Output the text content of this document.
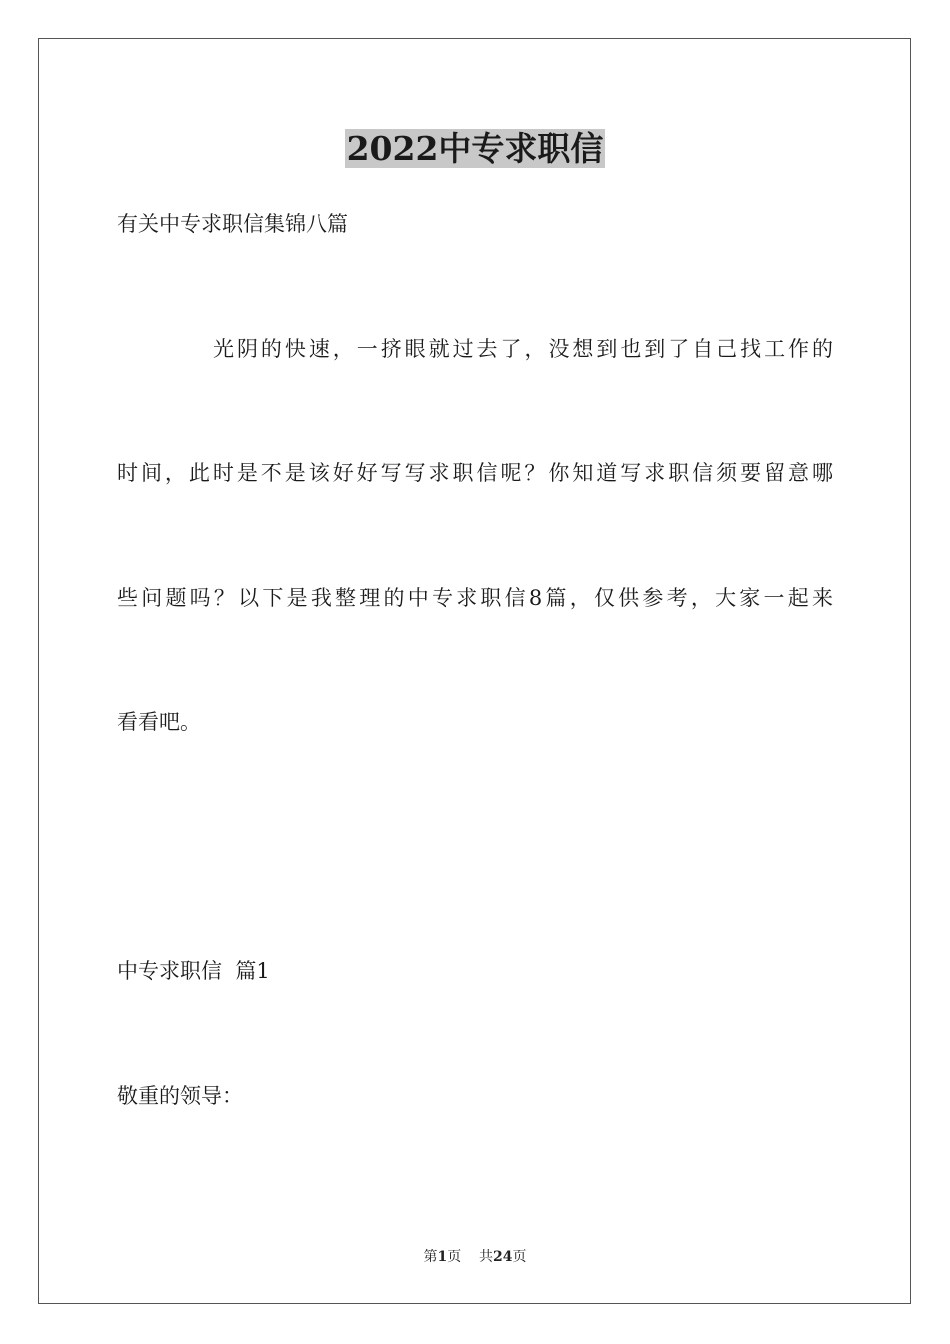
2022中专求职信
有关中专求职信集锦八篇
光阴的快速，一挤眼就过去了，没想到也到了自己找工作的
时间，此时是不是该好好写写求职信呢？你知道写求职信须要留意哪
些问题吗？以下是我整理的中专求职信8篇，仅供参考，大家一起来
看看吧。
中专求职信  篇1
敬重的领导：
第1页 共24页
